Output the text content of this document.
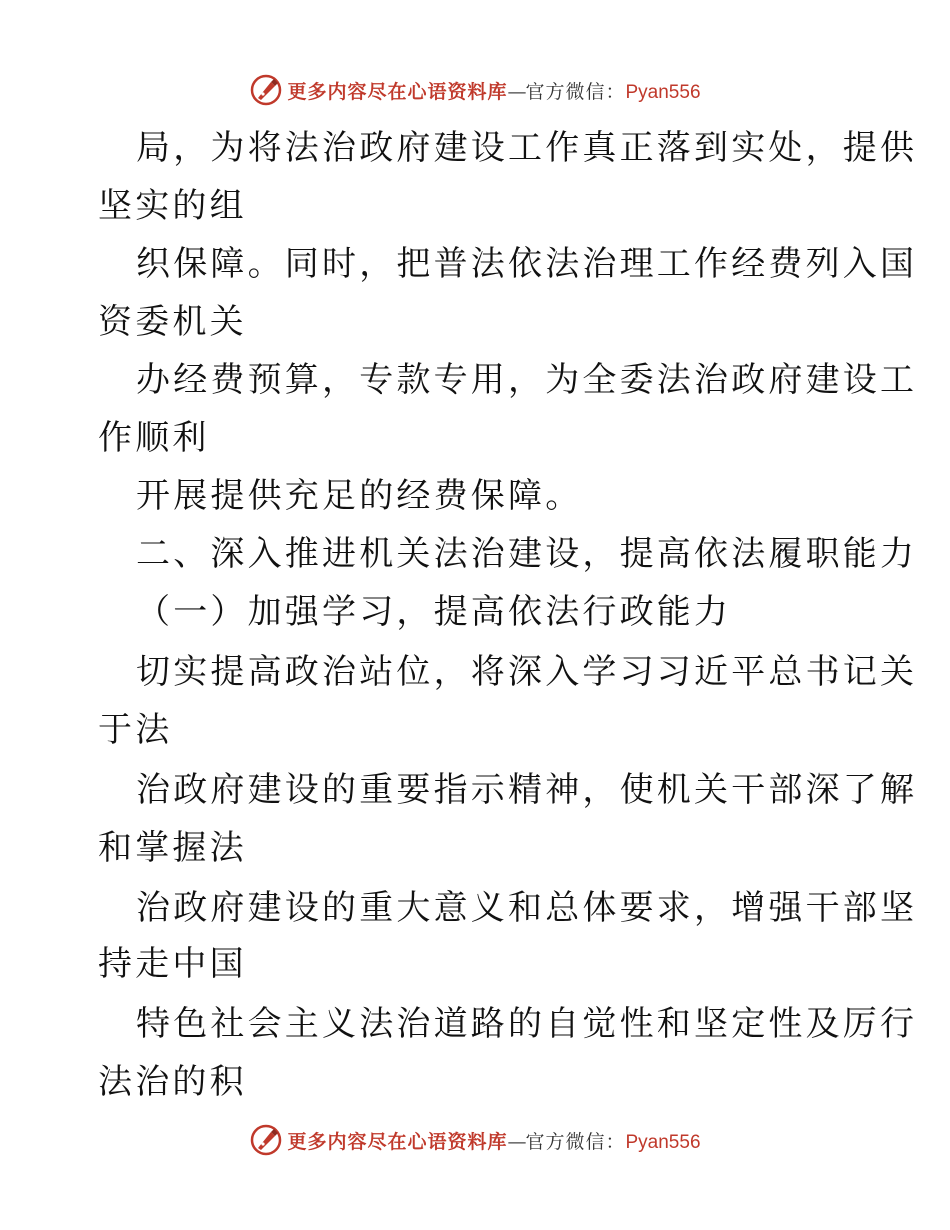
更多内容尽在心语资料库—官方微信：Pyan556
局，为将法治政府建设工作真正落到实处，提供
坚实的组
织保障。同时，把普法依法治理工作经费列入国
资委机关
办经费预算，专款专用，为全委法治政府建设工
作顺利
开展提供充足的经费保障。
二、深入推进机关法治建设，提高依法履职能力
（一）加强学习，提高依法行政能力
切实提高政治站位，将深入学习习近平总书记关
于法
治政府建设的重要指示精神，使机关干部深了解
和掌握法
治政府建设的重大意义和总体要求，增强干部坚
持走中国
特色社会主义法治道路的自觉性和坚定性及厉行
法治的积
更多内容尽在心语资料库—官方微信：Pyan556
